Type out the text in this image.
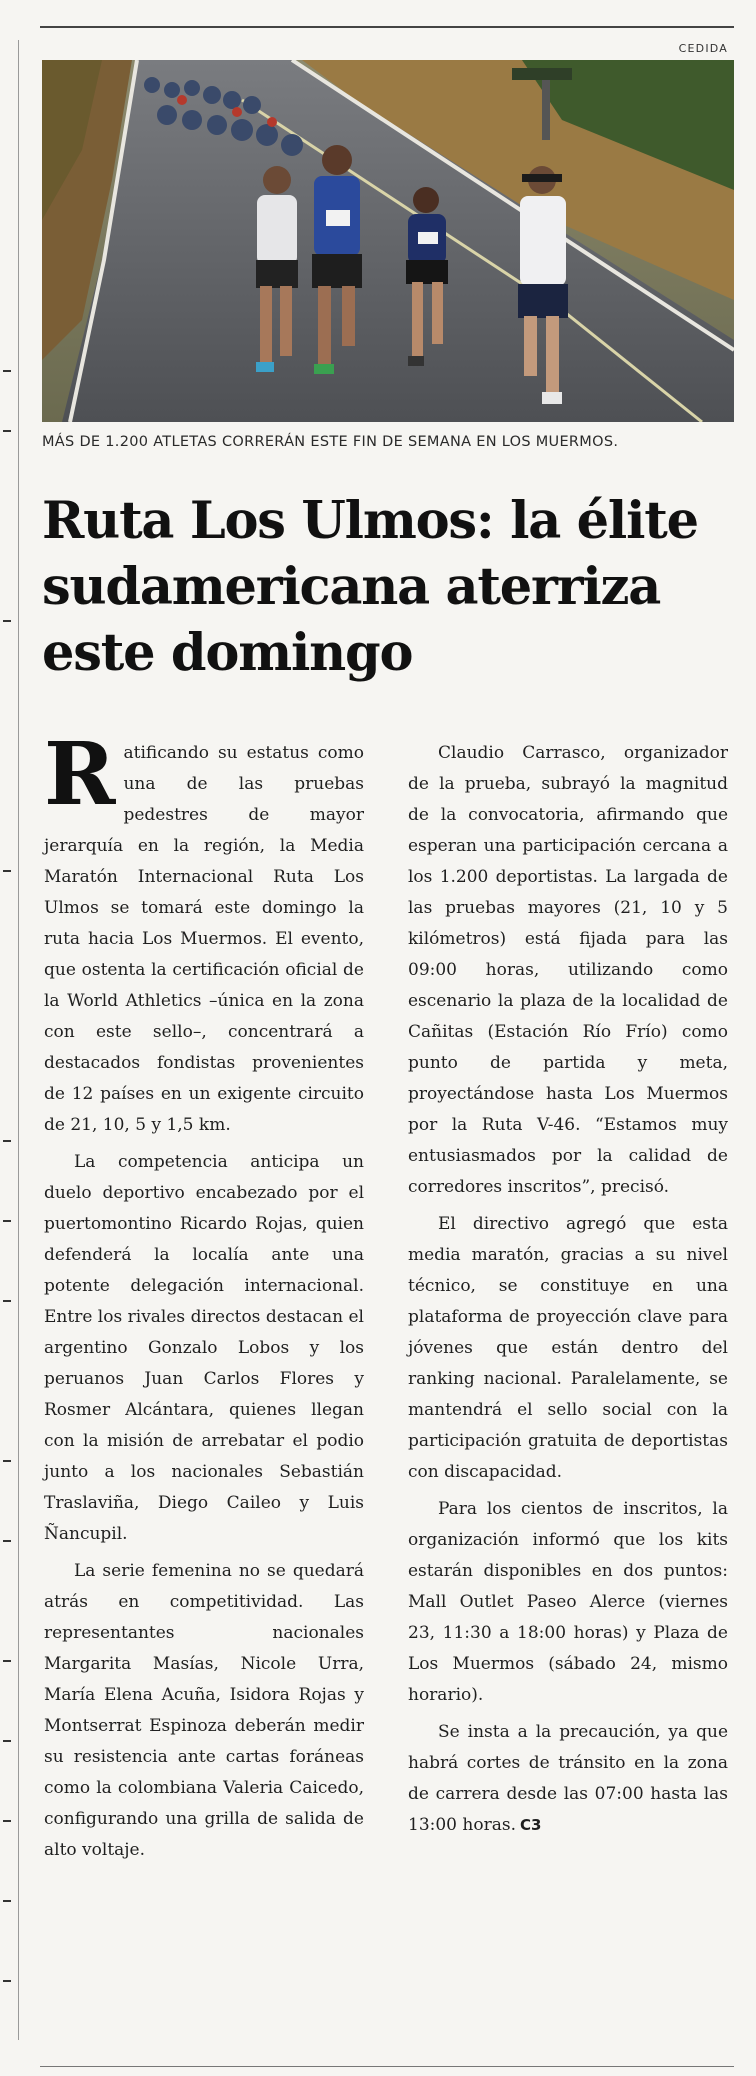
CEDIDA
MÁS DE 1.200 ATLETAS CORRERÁN ESTE FIN DE SEMANA EN LOS MUERMOS.
Ruta Los Ulmos: la élite sudamericana aterriza este domingo

Ratificando su estatus como una de las pruebas pedestres de mayor jerarquía en la región, la Media Maratón Internacional Ruta Los Ulmos se tomará este domingo la ruta hacia Los Muermos. El evento, que ostenta la certificación oficial de la World Athletics –única en la zona con este sello–, concentrará a destacados fondistas provenientes de 12 países en un exigente circuito de 21, 10, 5 y 1,5 km.

La competencia anticipa un duelo deportivo encabezado por el puertomontino Ricardo Rojas, quien defenderá la localía ante una potente delegación internacional. Entre los rivales directos destacan el argentino Gonzalo Lobos y los peruanos Juan Carlos Flores y Rosmer Alcántara, quienes llegan con la misión de arrebatar el podio junto a los nacionales Sebastián Traslaviña, Diego Caileo y Luis Ñancupil.

La serie femenina no se quedará atrás en competitividad. Las representantes nacionales Margarita Masías, Nicole Urra, María Elena Acuña, Isidora Rojas y Montserrat Espinoza deberán medir su resistencia ante cartas foráneas como la colombiana Valeria Caicedo, configurando una grilla de salida de alto voltaje.

Claudio Carrasco, organizador de la prueba, subrayó la magnitud de la convocatoria, afirmando que esperan una participación cercana a los 1.200 deportistas. La largada de las pruebas mayores (21, 10 y 5 kilómetros) está fijada para las 09:00 horas, utilizando como escenario la plaza de la localidad de Cañitas (Estación Río Frío) como punto de partida y meta, proyectándose hasta Los Muermos por la Ruta V-46. “Estamos muy entusiasmados por la calidad de corredores inscritos”, precisó.

El directivo agregó que esta media maratón, gracias a su nivel técnico, se constituye en una plataforma de proyección clave para jóvenes que están dentro del ranking nacional. Paralelamente, se mantendrá el sello social con la participación gratuita de deportistas con discapacidad.

Para los cientos de inscritos, la organización informó que los kits estarán disponibles en dos puntos: Mall Outlet Paseo Alerce (viernes 23, 11:30 a 18:00 horas) y Plaza de Los Muermos (sábado 24, mismo horario).

Se insta a la precaución, ya que habrá cortes de tránsito en la zona de carrera desde las 07:00 hasta las 13:00 horas. C3
